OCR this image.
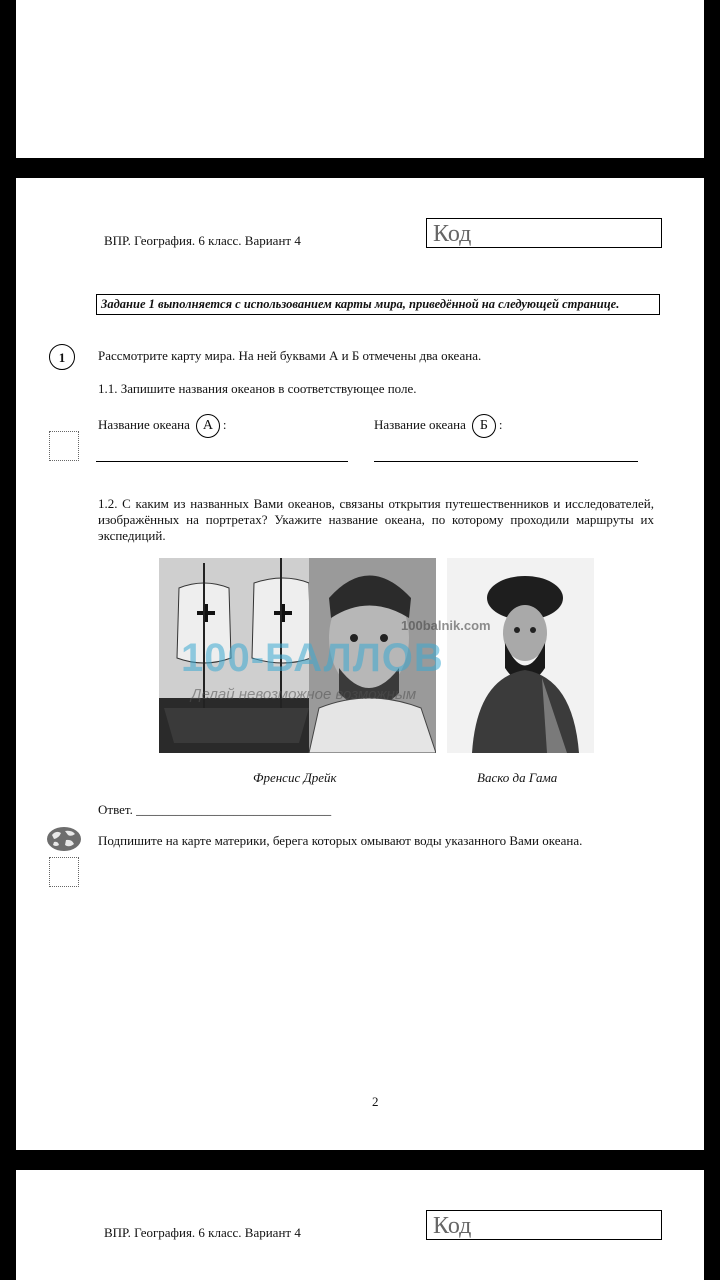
ВПР. География. 6 класс. Вариант 4	Код
Задание 1 выполняется с использованием карты мира, приведённой на следующей странице.
1	Рассмотрите карту мира. На ней буквами А и Б отмечены два океана.
1.1. Запишите названия океанов в соответствующее поле.
Название океана А :	Название океана Б :
1.2. С каким из названных Вами океанов, связаны открытия путешественников и исследователей, изображённых на портретах? Укажите название океана, по которому проходили маршруты их экспедиций.
100balnik.com
100-БАЛЛОВ
Делай невозможное возможным
Френсис Дрейк	Васко да Гама
Ответ. ______________________________
Подпишите на карте материки, берега которых омывают воды указанного Вами океана.
2
ВПР. География. 6 класс. Вариант 4	Код
